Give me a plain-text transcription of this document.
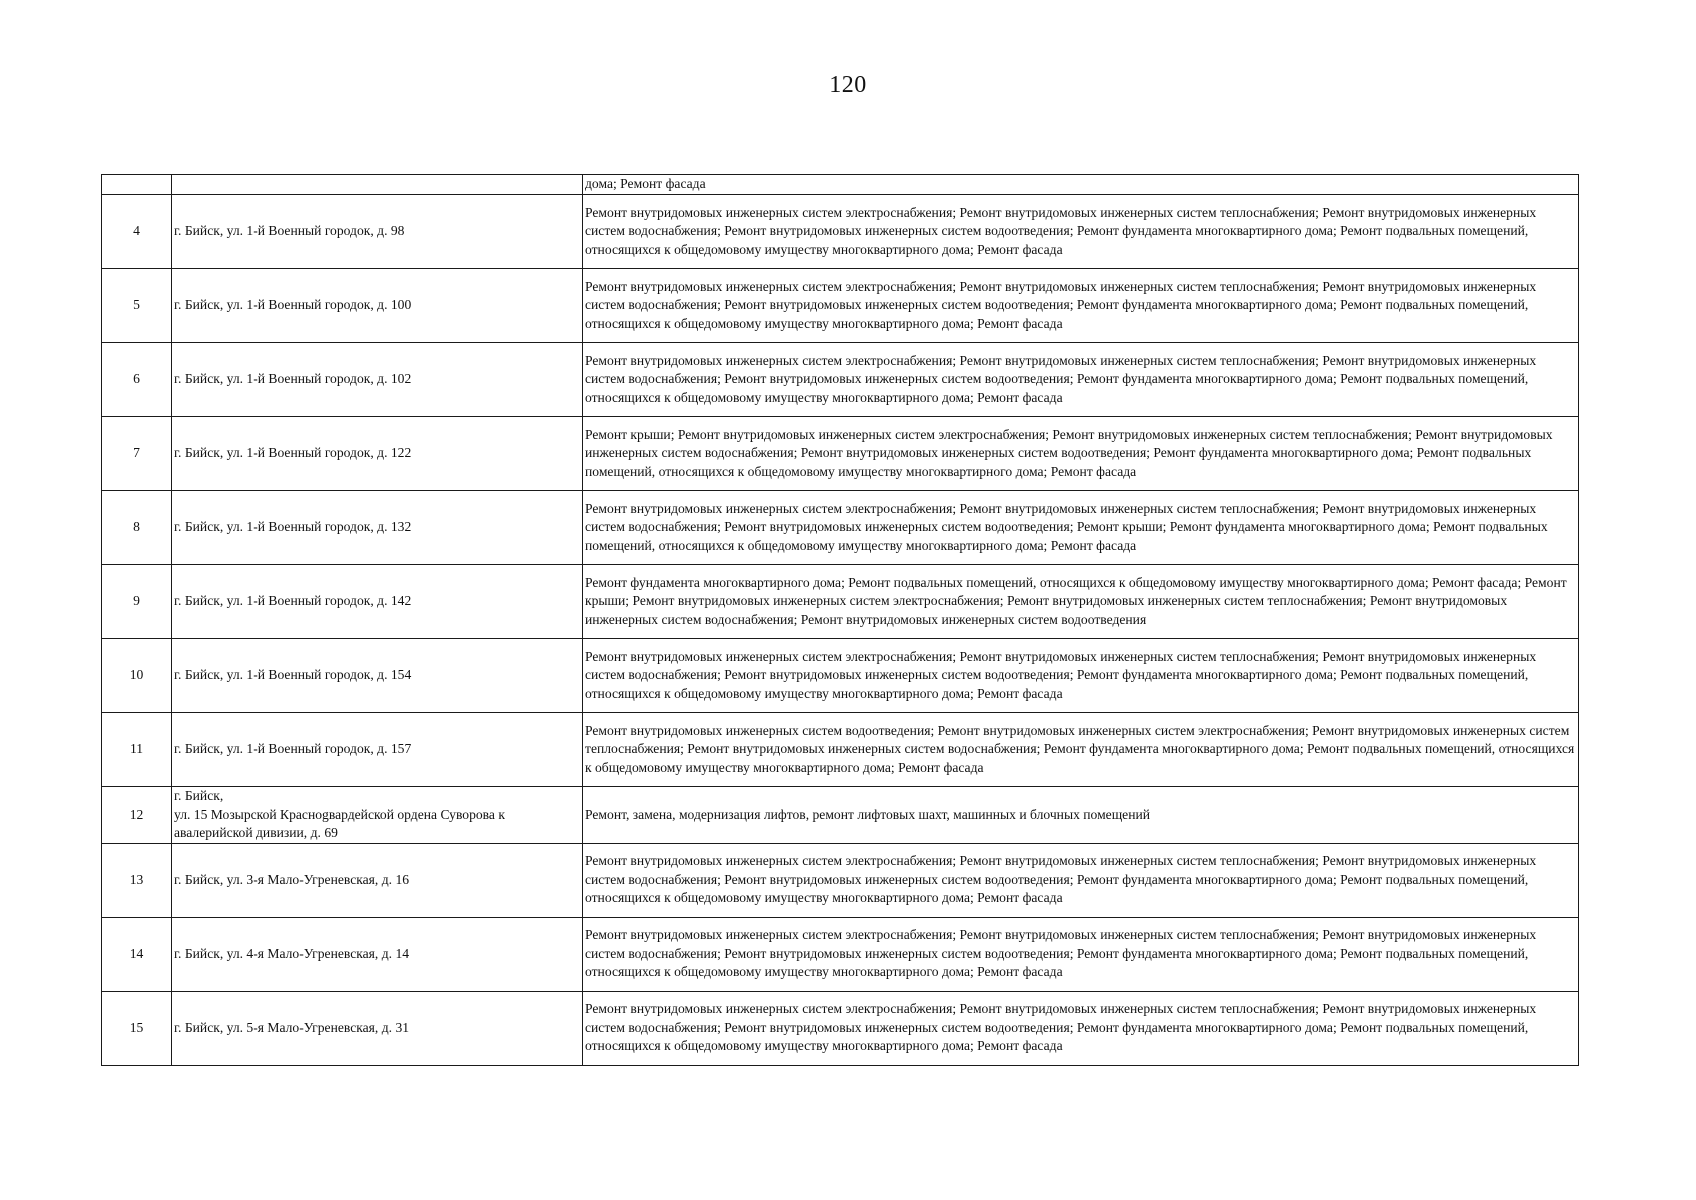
120
		дома; Ремонт фасада
4	г. Бийск, ул. 1-й Военный городок, д. 98	Ремонт внутридомовых инженерных систем электроснабжения; Ремонт внутридомовых инженерных систем теплоснабжения; Ремонт внутридомовых инженерных систем водоснабжения; Ремонт внутридомовых инженерных систем водоотведения; Ремонт фундамента многоквартирного дома; Ремонт подвальных помещений, относящихся к общедомовому имуществу многоквартирного дома; Ремонт фасада
5	г. Бийск, ул. 1-й Военный городок, д. 100	Ремонт внутридомовых инженерных систем электроснабжения; Ремонт внутридомовых инженерных систем теплоснабжения; Ремонт внутридомовых инженерных систем водоснабжения; Ремонт внутридомовых инженерных систем водоотведения; Ремонт фундамента многоквартирного дома; Ремонт подвальных помещений, относящихся к общедомовому имуществу многоквартирного дома; Ремонт фасада
6	г. Бийск, ул. 1-й Военный городок, д. 102	Ремонт внутридомовых инженерных систем электроснабжения; Ремонт внутридомовых инженерных систем теплоснабжения; Ремонт внутридомовых инженерных систем водоснабжения; Ремонт внутридомовых инженерных систем водоотведения; Ремонт фундамента многоквартирного дома; Ремонт подвальных помещений, относящихся к общедомовому имуществу многоквартирного дома; Ремонт фасада
7	г. Бийск, ул. 1-й Военный городок, д. 122	Ремонт крыши; Ремонт внутридомовых инженерных систем электроснабжения; Ремонт внутридомовых инженерных систем теплоснабжения; Ремонт внутридомовых инженерных систем водоснабжения; Ремонт внутридомовых инженерных систем водоотведения; Ремонт фундамента многоквартирного дома; Ремонт подвальных помещений, относящихся к общедомовому имуществу многоквартирного дома; Ремонт фасада
8	г. Бийск, ул. 1-й Военный городок, д. 132	Ремонт внутридомовых инженерных систем электроснабжения; Ремонт внутридомовых инженерных систем теплоснабжения; Ремонт внутридомовых инженерных систем водоснабжения; Ремонт внутридомовых инженерных систем водоотведения; Ремонт крыши; Ремонт фундамента многоквартирного дома; Ремонт подвальных помещений, относящихся к общедомовому имуществу многоквартирного дома; Ремонт фасада
9	г. Бийск, ул. 1-й Военный городок, д. 142	Ремонт фундамента многоквартирного дома; Ремонт подвальных помещений, относящихся к общедомовому имуществу многоквартирного дома; Ремонт фасада; Ремонт крыши; Ремонт внутридомовых инженерных систем электроснабжения; Ремонт внутридомовых инженерных систем теплоснабжения; Ремонт внутридомовых инженерных систем водоснабжения; Ремонт внутридомовых инженерных систем водоотведения
10	г. Бийск, ул. 1-й Военный городок, д. 154	Ремонт внутридомовых инженерных систем электроснабжения; Ремонт внутридомовых инженерных систем теплоснабжения; Ремонт внутридомовых инженерных систем водоснабжения; Ремонт внутридомовых инженерных систем водоотведения; Ремонт фундамента многоквартирного дома; Ремонт подвальных помещений, относящихся к общедомовому имуществу многоквартирного дома; Ремонт фасада
11	г. Бийск, ул. 1-й Военный городок, д. 157	Ремонт внутридомовых инженерных систем водоотведения; Ремонт внутридомовых инженерных систем электроснабжения; Ремонт внутридомовых инженерных систем теплоснабжения; Ремонт внутридомовых инженерных систем водоснабжения; Ремонт фундамента многоквартирного дома; Ремонт подвальных помещений, относящихся к общедомовому имуществу многоквартирного дома; Ремонт фасада
12	г. Бийск,
ул. 15 Мозырской Краснogвардейской ордена Суворова к
авалерийской дивизии, д. 69	Ремонт, замена, модернизация лифтов, ремонт лифтовых шахт, машинных и блочных помещений
13	г. Бийск, ул. 3-я Мало-Угреневская, д. 16	Ремонт внутридомовых инженерных систем электроснабжения; Ремонт внутридомовых инженерных систем теплоснабжения; Ремонт внутридомовых инженерных систем водоснабжения; Ремонт внутридомовых инженерных систем водоотведения; Ремонт фундамента многоквартирного дома; Ремонт подвальных помещений, относящихся к общедомовому имуществу многоквартирного дома; Ремонт фасада
14	г. Бийск, ул. 4-я Мало-Угреневская, д. 14	Ремонт внутридомовых инженерных систем электроснабжения; Ремонт внутридомовых инженерных систем теплоснабжения; Ремонт внутридомовых инженерных систем водоснабжения; Ремонт внутридомовых инженерных систем водоотведения; Ремонт фундамента многоквартирного дома; Ремонт подвальных помещений, относящихся к общедомовому имуществу многоквартирного дома; Ремонт фасада
15	г. Бийск, ул. 5-я Мало-Угреневская, д. 31	Ремонт внутридомовых инженерных систем электроснабжения; Ремонт внутридомовых инженерных систем теплоснабжения; Ремонт внутридомовых инженерных систем водоснабжения; Ремонт внутридомовых инженерных систем водоотведения; Ремонт фундамента многоквартирного дома; Ремонт подвальных помещений, относящихся к общедомовому имуществу многоквартирного дома; Ремонт фасада
